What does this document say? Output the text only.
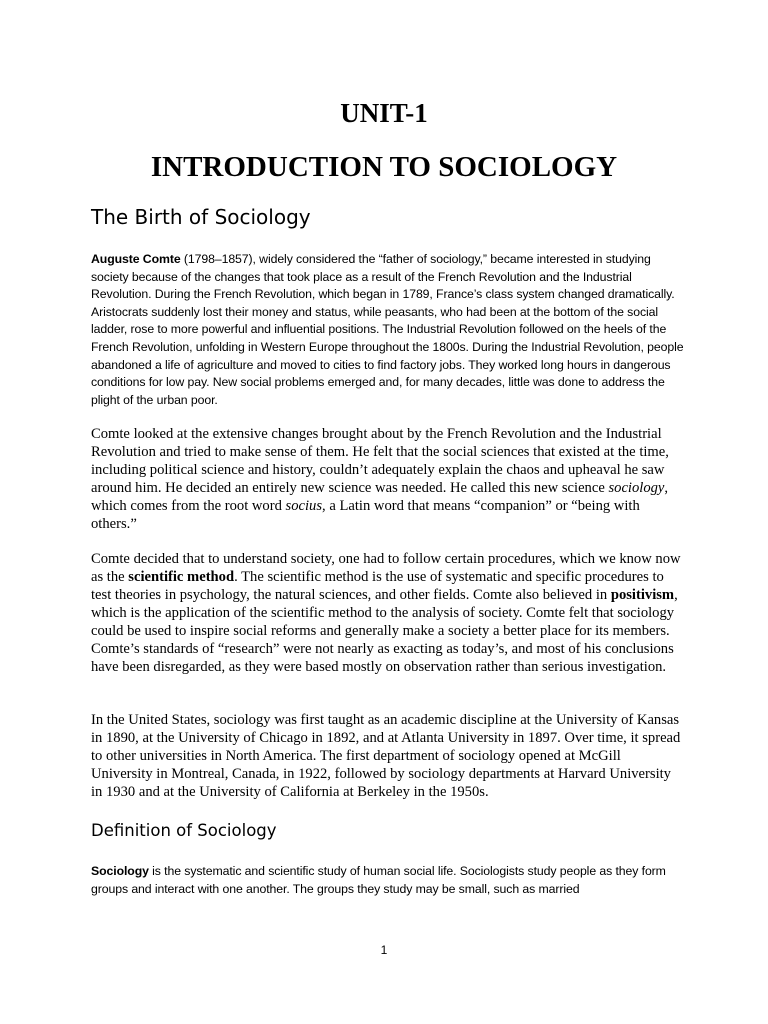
UNIT-1
INTRODUCTION TO SOCIOLOGY
The Birth of Sociology

Auguste Comte (1798–1857), widely considered the “father of sociology,” became interested in studying society because of the changes that took place as a result of the French Revolution and the Industrial Revolution. During the French Revolution, which began in 1789, France’s class system changed dramatically. Aristocrats suddenly lost their money and status, while peasants, who had been at the bottom of the social ladder, rose to more powerful and influential positions. The Industrial Revolution followed on the heels of the French Revolution, unfolding in Western Europe throughout the 1800s. During the Industrial Revolution, people abandoned a life of agriculture and moved to cities to find factory jobs. They worked long hours in dangerous conditions for low pay. New social problems emerged and, for many decades, little was done to address the plight of the urban poor.

Comte looked at the extensive changes brought about by the French Revolution and the Industrial Revolution and tried to make sense of them. He felt that the social sciences that existed at the time, including political science and history, couldn’t adequately explain the chaos and upheaval he saw around him. He decided an entirely new science was needed. He called this new science sociology, which comes from the root word socius, a Latin word that means “companion” or “being with others.”

Comte decided that to understand society, one had to follow certain procedures, which we know now as the scientific method. The scientific method is the use of systematic and specific procedures to test theories in psychology, the natural sciences, and other fields. Comte also believed in positivism, which is the application of the scientific method to the analysis of society. Comte felt that sociology could be used to inspire social reforms and generally make a society a better place for its members. Comte’s standards of “research” were not nearly as exacting as today’s, and most of his conclusions have been disregarded, as they were based mostly on observation rather than serious investigation.

In the United States, sociology was first taught as an academic discipline at the University of Kansas in 1890, at the University of Chicago in 1892, and at Atlanta University in 1897. Over time, it spread to other universities in North America. The first department of sociology opened at McGill University in Montreal, Canada, in 1922, followed by sociology departments at Harvard University in 1930 and at the University of California at Berkeley in the 1950s.

Definition of Sociology

Sociology is the systematic and scientific study of human social life. Sociologists study people as they form groups and interact with one another. The groups they study may be small, such as married

1
